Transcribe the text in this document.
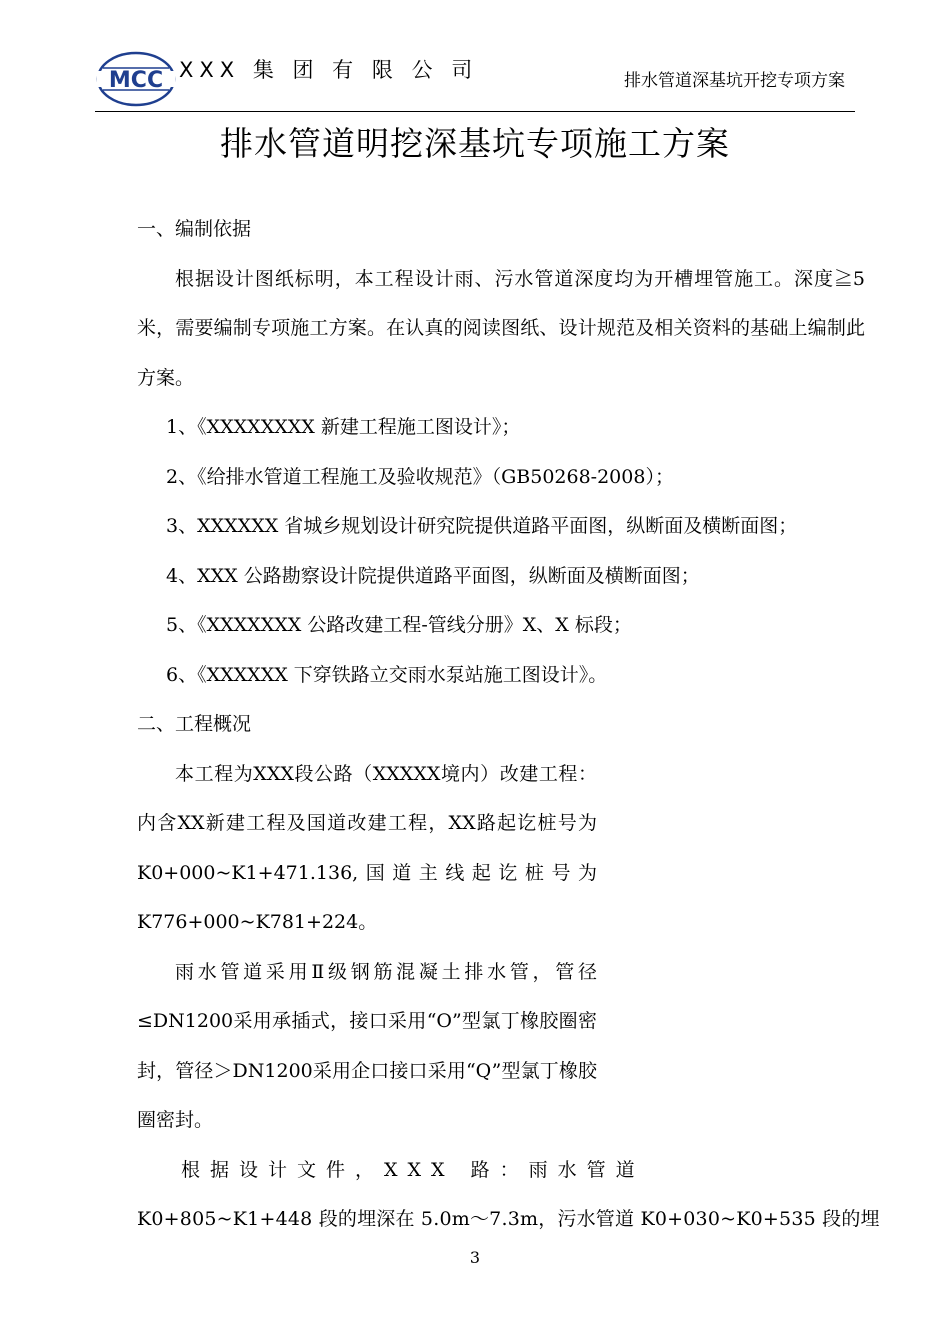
MCC XXX 集 团 有 限 公 司	排水管道深基坑开挖专项方案
排水管道明挖深基坑专项施工方案

一、编制依据

根据设计图纸标明，本工程设计雨、污水管道深度均为开槽埋管施工。深度≧5米，需要编制专项施工方案。在认真的阅读图纸、设计规范及相关资料的基础上编制此方案。

1、《XXXXXXXX 新建工程施工图设计》；

2、《给排水管道工程施工及验收规范》（GB50268-2008）；

3、XXXXXX 省城乡规划设计研究院提供道路平面图，纵断面及横断面图；

4、XXX 公路勘察设计院提供道路平面图，纵断面及横断面图；

5、《XXXXXXX 公路改建工程-管线分册》X、X 标段；

6、《XXXXXX 下穿铁路立交雨水泵站施工图设计》。

二、工程概况

本工程为XXX段公路（XXXXX境内）改建工程：内含XX新建工程及国道改建工程，XX路起讫桩号为 K0+000~K1+471.136,国道主线起讫桩号为K776+000~K781+224。

雨水管道采用Ⅱ级钢筋混凝土排水管，管径≤DN1200采用承插式，接口采用“O”型氯丁橡胶圈密封，管径＞DN1200采用企口接口采用“Q”型氯丁橡胶圈密封。

根据设计文件，XXX 路：雨水管道

K0+805~K1+448 段的埋深在 5.0m～7.3m，污水管道 K0+030~K0+535 段的埋

3
